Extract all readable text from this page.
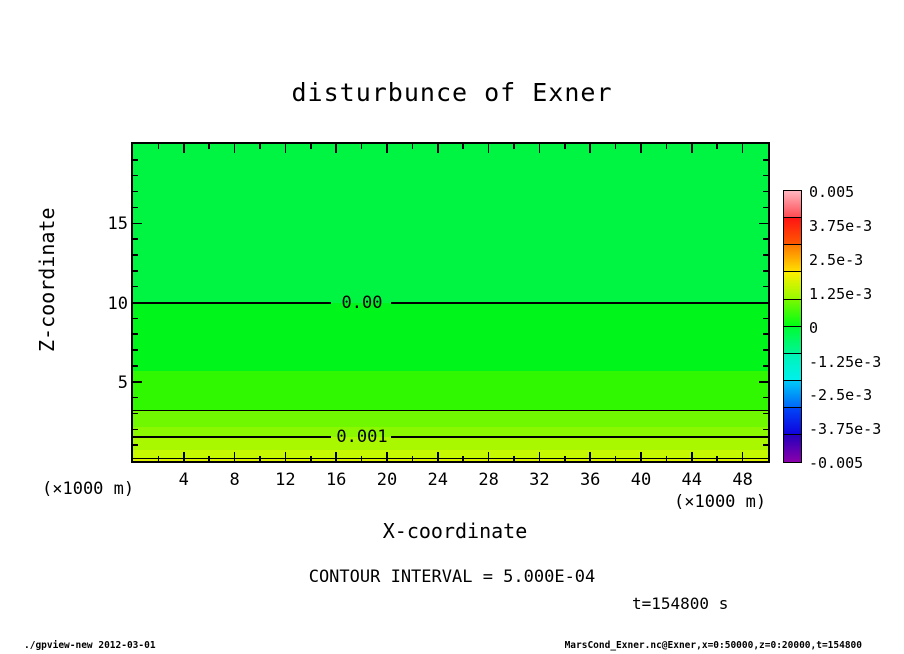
disturbunce of Exner
0.00
0.001
Z-coordinate
X-coordinate
(×1000 m)
(×1000 m)
CONTOUR INTERVAL = 5.000E-04
t=154800 s
./gpview-new 2012-03-01	MarsCond_Exner.nc@Exner,x=0:50000,z=0:20000,t=154800
4	8	12	16	20	24	28	32	36	40	44	48
5
10
15
0.005
3.75e-3
2.5e-3
1.25e-3
0
-1.25e-3
-2.5e-3
-3.75e-3
-0.005
